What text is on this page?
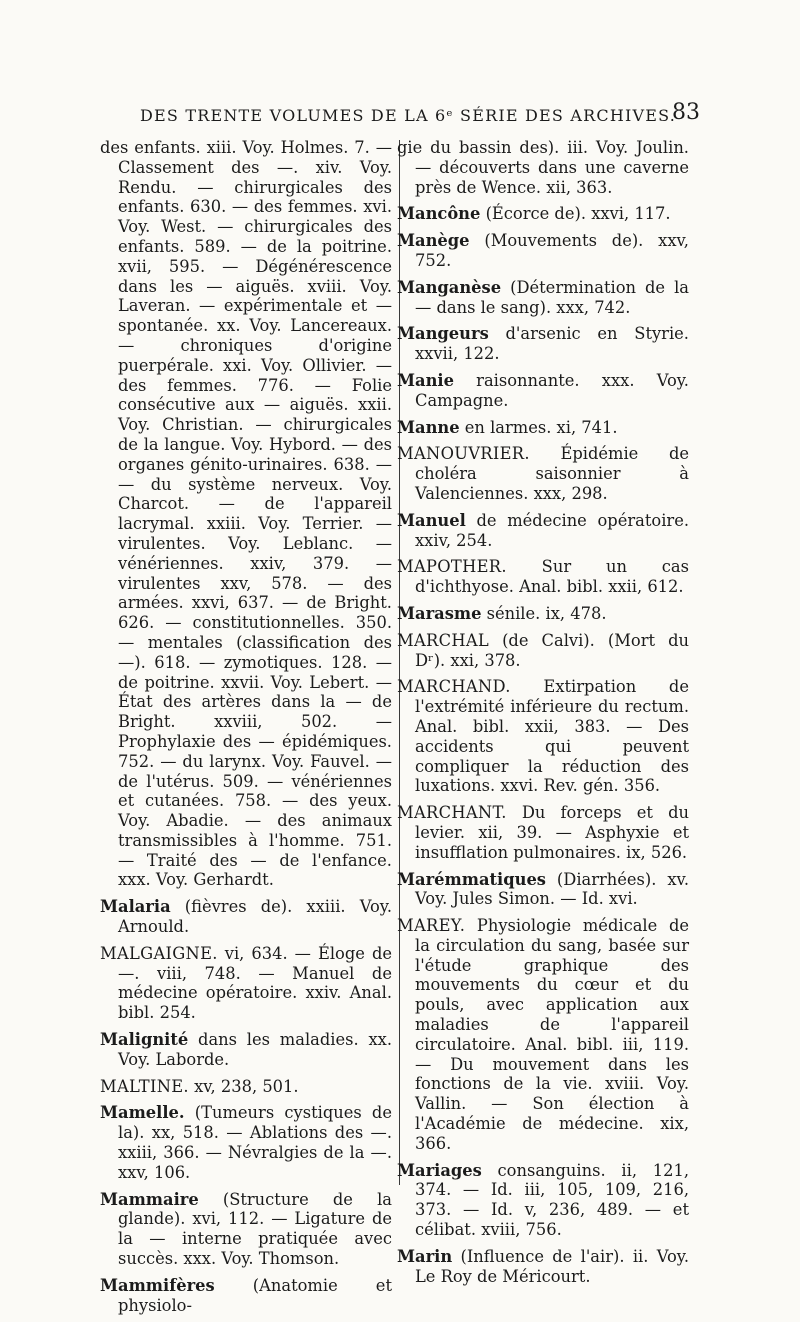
DES TRENTE VOLUMES DE LA 6ᵉ SÉRIE DES ARCHIVES.
83
des enfants. xiii. Voy. Holmes. 7. — Classement des —. xiv. Voy. Rendu. — chirurgicales des enfants. 630. — des femmes. xvi. Voy. West. — chirurgicales des enfants. 589. — de la poitrine. xvii, 595. — Dégénérescence dans les — aiguës. xviii. Voy. Laveran. — expérimentale et — spontanée. xx. Voy. Lancereaux. — chroniques d'origine puerpérale. xxi. Voy. Ollivier. — des femmes. 776. — Folie consécutive aux — aiguës. xxii. Voy. Christian. — chirurgicales de la langue. Voy. Hybord. — des organes génito-urinaires. 638. — — du système nerveux. Voy. Charcot. — de l'appareil lacrymal. xxiii. Voy. Terrier. — virulentes. Voy. Leblanc. — vénériennes. xxiv, 379. — virulentes xxv, 578. — des armées. xxvi, 637. — de Bright. 626. — constitutionnelles. 350. — mentales (classification des —). 618. — zymotiques. 128. — de poitrine. xxvii. Voy. Lebert. — État des artères dans la — de Bright. xxviii, 502. — Prophylaxie des — épidémiques. 752. — du larynx. Voy. Fauvel. — de l'utérus. 509. — vénériennes et cutanées. 758. — des yeux. Voy. Abadie. — des animaux transmissibles à l'homme. 751. — Traité des — de l'enfance. xxx. Voy. Gerhardt.
Malaria (fièvres de). xxiii. Voy. Arnould.
MALGAIGNE. vi, 634. — Éloge de —. viii, 748. — Manuel de médecine opératoire. xxiv. Anal. bibl. 254.
Malignité dans les maladies. xx. Voy. Laborde.
MALTINE. xv, 238, 501.
Mamelle. (Tumeurs cystiques de la). xx, 518. — Ablations des —. xxiii, 366. — Névralgies de la —. xxv, 106.
Mammaire (Structure de la glande). xvi, 112. — Ligature de la — interne pratiquée avec succès. xxx. Voy. Thomson.
Mammifères (Anatomie et physiolo-
gie du bassin des). iii. Voy. Joulin. — découverts dans une caverne près de Wence. xii, 363.
Mancône (Écorce de). xxvi, 117.
Manège (Mouvements de). xxv, 752.
Manganèse (Détermination de la — dans le sang). xxx, 742.
Mangeurs d'arsenic en Styrie. xxvii, 122.
Manie raisonnante. xxx. Voy. Campagne.
Manne en larmes. xi, 741.
MANOUVRIER. Épidémie de choléra saisonnier à Valenciennes. xxx, 298.
Manuel de médecine opératoire. xxiv, 254.
MAPOTHER. Sur un cas d'ichthyose. Anal. bibl. xxii, 612.
Marasme sénile. ix, 478.
MARCHAL (de Calvi). (Mort du Dʳ). xxi, 378.
MARCHAND. Extirpation de l'extrémité inférieure du rectum. Anal. bibl. xxii, 383. — Des accidents qui peuvent compliquer la réduction des luxations. xxvi. Rev. gén. 356.
MARCHANT. Du forceps et du levier. xii, 39. — Asphyxie et insufflation pulmonaires. ix, 526.
Marémmatiques (Diarrhées). xv. Voy. Jules Simon. — Id. xvi.
MAREY. Physiologie médicale de la circulation du sang, basée sur l'étude graphique des mouvements du cœur et du pouls, avec application aux maladies de l'appareil circulatoire. Anal. bibl. iii, 119. — Du mouvement dans les fonctions de la vie. xviii. Voy. Vallin. — Son élection à l'Académie de médecine. xix, 366.
Mariages consanguins. ii, 121, 374. — Id. iii, 105, 109, 216, 373. — Id. v, 236, 489. — et célibat. xviii, 756.
Marin (Influence de l'air). ii. Voy. Le Roy de Méricourt.
